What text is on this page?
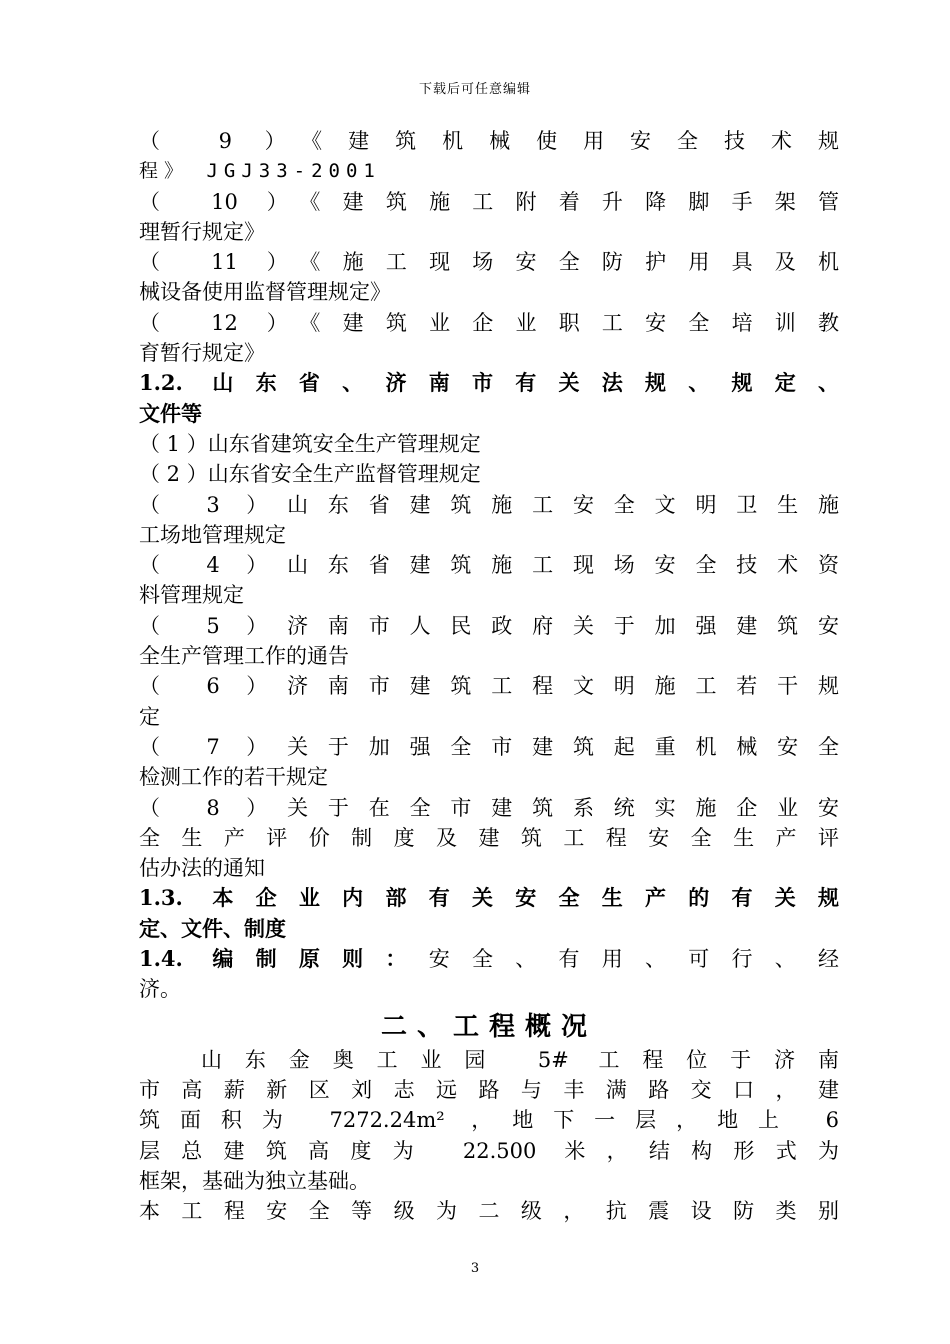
下载后可任意编辑
（ 9 ）《建筑机械使用安全技术规
程》 JGJ33-2001
（ 10 ）《建筑施工附着升降脚手架管
理暂行规定》
（ 11 ）《施工现场安全防护用具及机
械设备使用监督管理规定》
（ 12 ）《建筑业企业职工安全培训教
育暂行规定》
1.2. 山东省、济南市有关法规、规定、
文件等
（ 1 ）山东省建筑安全生产管理规定
（ 2 ）山东省安全生产监督管理规定
（ 3 ）山东省建筑施工安全文明卫生施
工场地管理规定
（ 4 ）山东省建筑施工现场安全技术资
料管理规定
（ 5 ）济南市人民政府关于加强建筑安
全生产管理工作的通告
（ 6 ）济南市建筑工程文明施工若干规
定
（ 7 ）关于加强全市建筑起重机械安全
检测工作的若干规定
（ 8 ）关于在全市建筑系统实施企业安
全生产评价制度及建筑工程安全生产评
估办法的通知
1.3. 本企业内部有关安全生产的有关规
定、文件、制度
1.4. 编制原则：安全、有用、可行、经
济。
二、工程概况
山东金奥工业园 5# 工程位于济南
市高薪新区刘志远路与丰满路交口，建
筑面积为 7272.24m² ，地下一层，地上 6
层总建筑高度为 22.500 米，结构形式为
框架，基础为独立基础。
本工程安全等级为二级，抗震设防类别
3
